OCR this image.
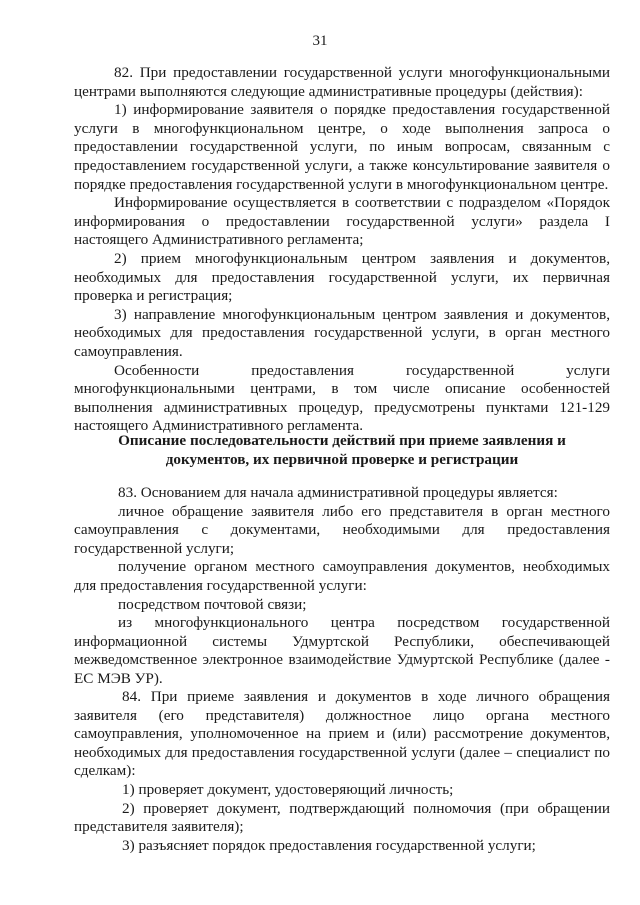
31
82. При предоставлении государственной услуги многофункциональными
центрами выполняются следующие административные процедуры (действия):
1) информирование заявителя о порядке предоставления государственной
услуги в многофункциональном центре, о ходе выполнения запроса о
предоставлении государственной услуги, по иным вопросам, связанным с
предоставлением государственной услуги, а также консультирование заявителя о
порядке предоставления государственной услуги в многофункциональном центре.
Информирование осуществляется в соответствии с подразделом «Порядок
информирования о предоставлении государственной услуги» раздела I
настоящего Административного регламента;
2) прием многофункциональным центром заявления и документов,
необходимых для предоставления государственной услуги, их первичная
проверка и регистрация;
3) направление многофункциональным центром заявления и документов,
необходимых для предоставления государственной услуги, в орган местного
самоуправления.
Особенности предоставления государственной услуги
многофункциональными центрами, в том числе описание особенностей
выполнения административных процедур, предусмотрены пунктами 121-129
настоящего Административного регламента.
Описание последовательности действий при приеме заявления и
документов, их первичной проверке и регистрации
83. Основанием для начала административной процедуры является:
личное обращение заявителя либо его представителя в орган местного
самоуправления с документами, необходимыми для предоставления
государственной услуги;
получение органом местного самоуправления документов, необходимых
для предоставления государственной услуги:
посредством почтовой связи;
из многофункционального центра посредством государственной
информационной системы Удмуртской Республики, обеспечивающей
межведомственное электронное взаимодействие Удмуртской Республике (далее -
ЕС МЭВ УР).
84. При приеме заявления и документов в ходе личного обращения
заявителя (его представителя) должностное лицо органа местного
самоуправления, уполномоченное на прием и (или) рассмотрение документов,
необходимых для предоставления государственной услуги (далее – специалист по
сделкам):
1) проверяет документ, удостоверяющий личность;
2) проверяет документ, подтверждающий полномочия (при обращении
представителя заявителя);
3) разъясняет порядок предоставления государственной услуги;
